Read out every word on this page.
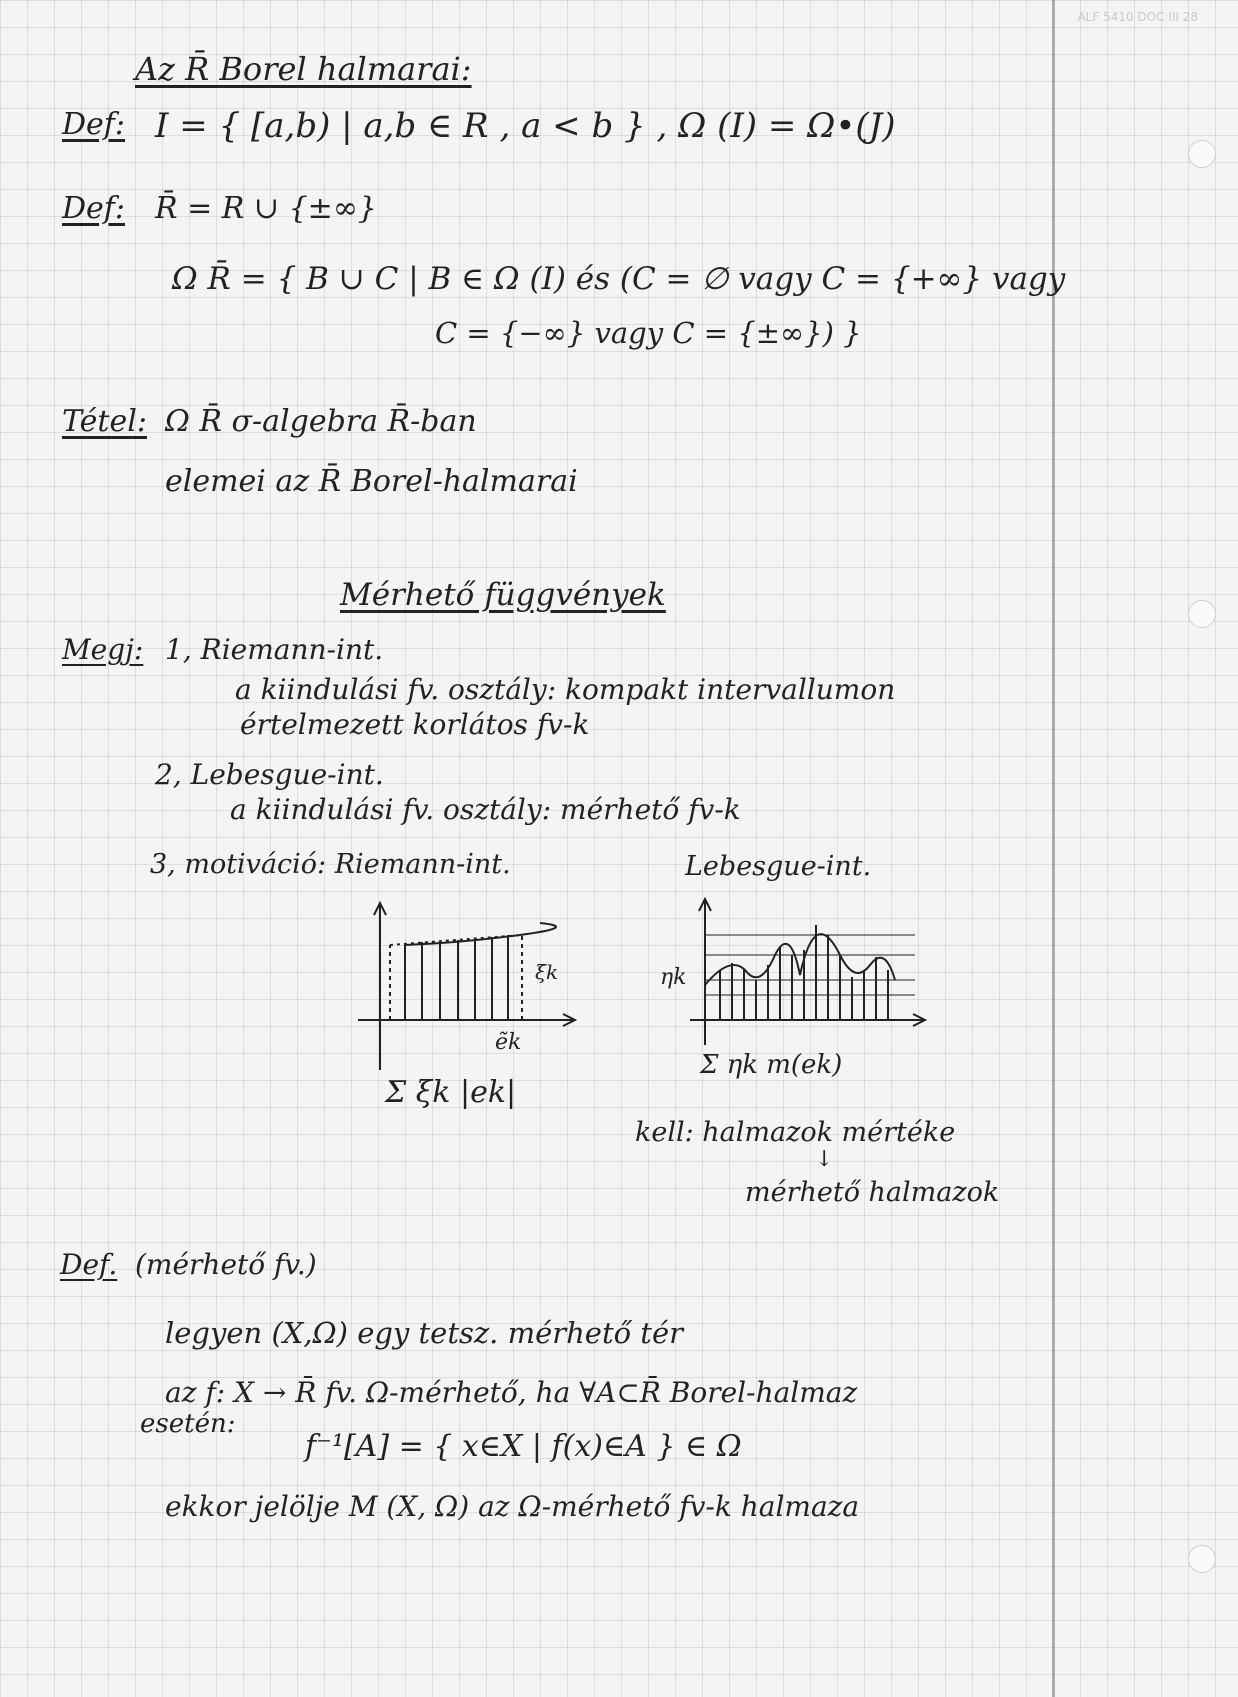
ALF 5410 DOC III 28
Az R̄ Borel halmarai:
Def: I = { [a,b) | a,b ∈ R , a < b } , Ω (I) = Ω•(J)
Def: R̄ = R ∪ {±∞}
Ω R̄ = { B ∪ C | B ∈ Ω (I) és (C = ∅ vagy C = {+∞} vagy
C = {−∞} vagy C = {±∞}) }
Tétel: Ω R̄ σ-algebra R̄-ban
elemei az R̄ Borel-halmarai
Mérhető függvények
Megj: 1, Riemann-int.
a kiindulási fv. osztály: kompakt intervallumon
értelmezett korlátos fv-k
2, Lebesgue-int.
a kiindulási fv. osztály: mérhető fv-k
3, motiváció: Riemann-int.	Lebesgue-int.
ξk
ẽk
Σ ξk |ek|
ηk
Σ ηk m(ek)
kell: halmazok mértéke
↓
mérhető halmazok
Def. (mérhető fv.)
legyen (X,Ω) egy tetsz. mérhető tér
az f: X → R̄ fv. Ω-mérhető, ha ∀A⊂R̄ Borel-halmaz
esetén:
f⁻¹[A] = { x∈X | f(x)∈A } ∈ Ω
ekkor jelölje M (X, Ω) az Ω-mérhető fv-k halmaza
